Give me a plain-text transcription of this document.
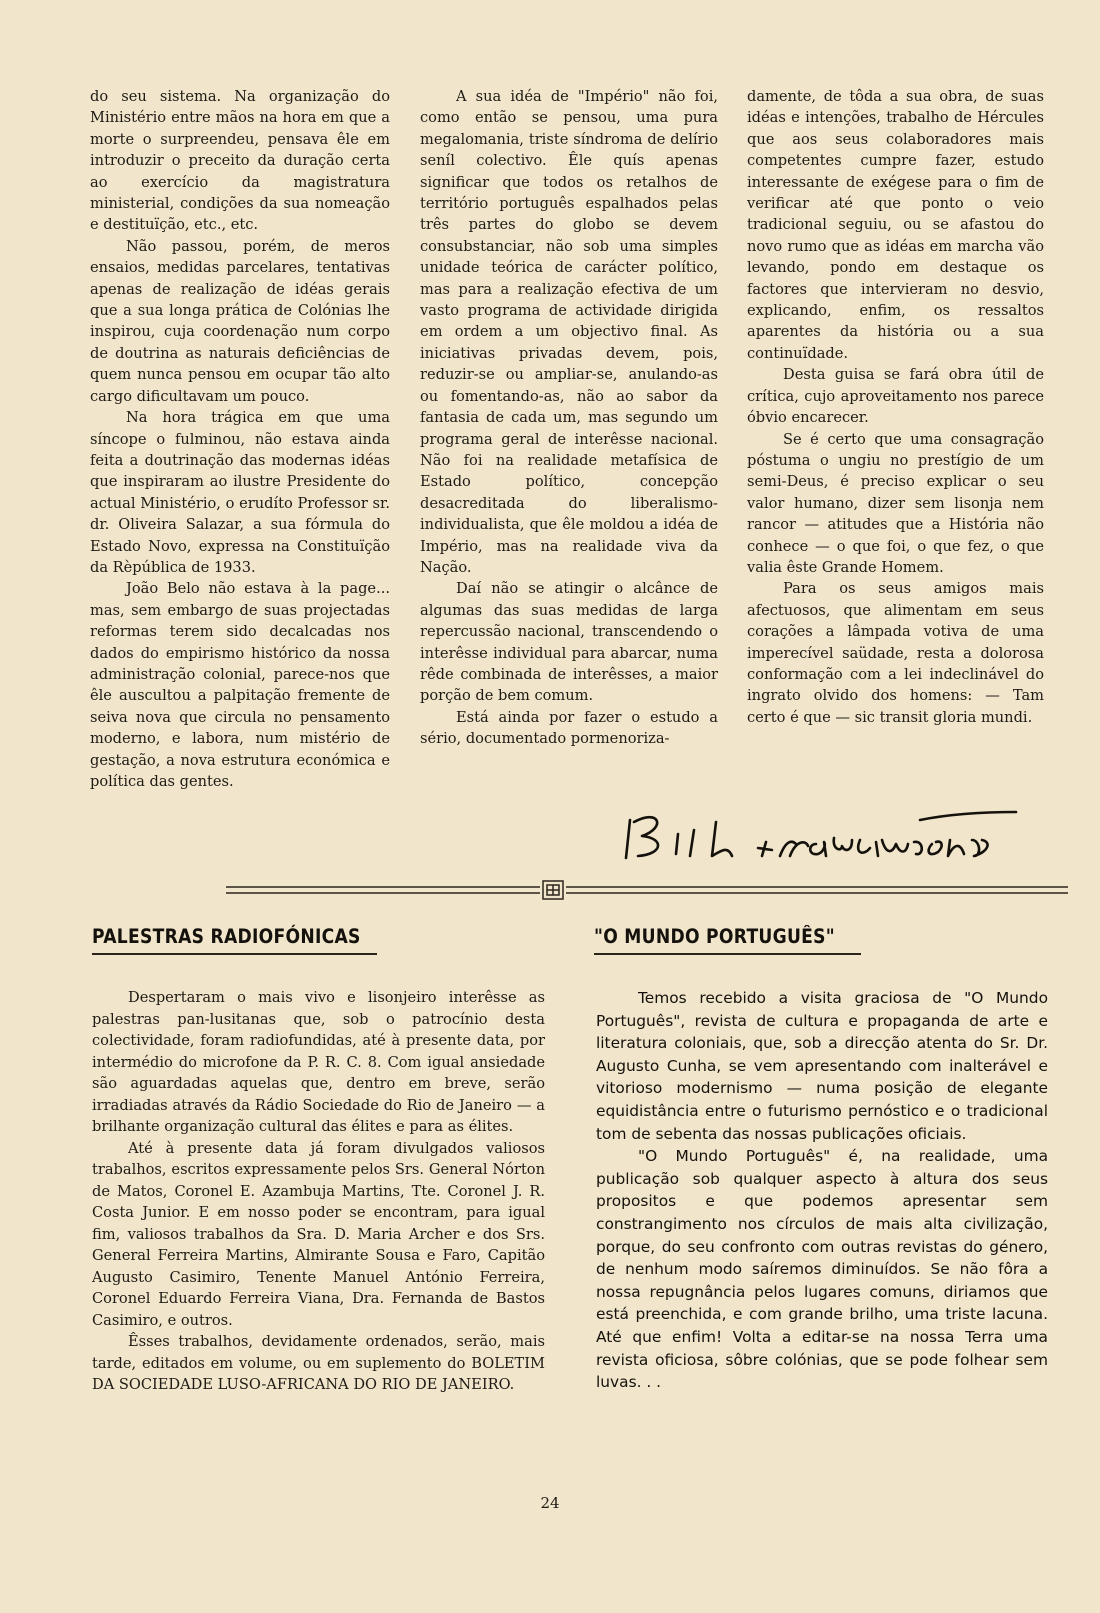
do seu sistema. Na organização do Ministério entre mãos na hora em que a morte o surpreendeu, pensava êle em introduzir o preceito da duração certa ao exercício da magistratura ministerial, condições da sua nomeação e destituïção, etc., etc.

Não passou, porém, de meros ensaios, medidas parcelares, tentativas apenas de realização de idéas gerais que a sua longa prática de Colónias lhe inspirou, cuja coordenação num corpo de doutrina as naturais deficiências de quem nunca pensou em ocupar tão alto cargo dificultavam um pouco.

Na hora trágica em que uma síncope o fulminou, não estava ainda feita a doutrinação das modernas idéas que inspiraram ao ilustre Presidente do actual Ministério, o erudíto Professor sr. dr. Oliveira Salazar, a sua fórmula do Estado Novo, expressa na Constituïção da Rèpública de 1933.

João Belo não estava à la page... mas, sem embargo de suas projectadas reformas terem sido decalcadas nos dados do empirismo histórico da nossa administração colonial, parece-nos que êle auscultou a palpitação fremente de seiva nova que circula no pensamento moderno, e labora, num mistério de gestação, a nova estrutura económica e política das gentes.

A sua idéa de "Império" não foi, como então se pensou, uma pura megalomania, triste síndroma de delírio seníl colectivo. Êle quís apenas significar que todos os retalhos de território português espalhados pelas três partes do globo se devem consubstanciar, não sob uma simples unidade teórica de carácter político, mas para a realização efectiva de um vasto programa de actividade dirigida em ordem a um objectivo final. As iniciativas privadas devem, pois, reduzir-se ou ampliar-se, anulando-as ou fomentando-as, não ao sabor da fantasia de cada um, mas segundo um programa geral de interêsse nacional. Não foi na realidade metafísica de Estado político, concepção desacreditada do liberalismo-individualista, que êle moldou a idéa de Império, mas na realidade viva da Nação.

Daí não se atingir o alcânce de algumas das suas medidas de larga repercussão nacional, transcendendo o interêsse individual para abarcar, numa rêde combinada de interêsses, a maior porção de bem comum.

Está ainda por fazer o estudo a sério, documentado pormenoriza-

damente, de tôda a sua obra, de suas idéas e intenções, trabalho de Hércules que aos seus colaboradores mais competentes cumpre fazer, estudo interessante de exégese para o fim de verificar até que ponto o veio tradicional seguiu, ou se afastou do novo rumo que as idéas em marcha vão levando, pondo em destaque os factores que intervieram no desvio, explicando, enfim, os ressaltos aparentes da história ou a sua continuïdade.

Desta guisa se fará obra útil de crítica, cujo aproveitamento nos parece óbvio encarecer.

Se é certo que uma consagração póstuma o ungiu no prestígio de um semi-Deus, é preciso explicar o seu valor humano, dizer sem lisonja nem rancor — atitudes que a História não conhece — o que foi, o que fez, o que valia êste Grande Homem.

Para os seus amigos mais afectuosos, que alimentam em seus corações a lâmpada votiva de uma imperecível saüdade, resta a dolorosa conformação com a lei indeclinável do ingrato olvido dos homens: — Tam certo é que — sic transit gloria mundi.

PALESTRAS RADIOFÓNICAS	"O MUNDO PORTUGUÊS"

Despertaram o mais vivo e lisonjeiro interêsse as palestras pan-lusitanas que, sob o patrocínio desta colectividade, foram radiofundidas, até à presente data, por intermédio do microfone da P. R. C. 8. Com igual ansiedade são aguardadas aquelas que, dentro em breve, serão irradiadas através da Rádio Sociedade do Rio de Janeiro — a brilhante organização cultural das élites e para as élites.

Até à presente data já foram divulgados valiosos trabalhos, escritos expressamente pelos Srs. General Nórton de Matos, Coronel E. Azambuja Martins, Tte. Coronel J. R. Costa Junior. E em nosso poder se encontram, para igual fim, valiosos trabalhos da Sra. D. Maria Archer e dos Srs. General Ferreira Martins, Almirante Sousa e Faro, Capitão Augusto Casimiro, Tenente Manuel António Ferreira, Coronel Eduardo Ferreira Viana, Dra. Fernanda de Bastos Casimiro, e outros.

Êsses trabalhos, devidamente ordenados, serão, mais tarde, editados em volume, ou em suplemento do BOLETIM DA SOCIEDADE LUSO-AFRICANA DO RIO DE JANEIRO.

Temos recebido a visita graciosa de "O Mundo Português", revista de cultura e propaganda de arte e literatura coloniais, que, sob a direcção atenta do Sr. Dr. Augusto Cunha, se vem apresentando com inalterável e vitorioso modernismo — numa posição de elegante equidistância entre o futurismo pernóstico e o tradicional tom de sebenta das nossas publicações oficiais.

"O Mundo Português" é, na realidade, uma publicação sob qualquer aspecto à altura dos seus propositos e que podemos apresentar sem constrangimento nos círculos de mais alta civilização, porque, do seu confronto com outras revistas do género, de nenhum modo saíremos diminuídos. Se não fôra a nossa repugnância pelos lugares comuns, diriamos que está preenchida, e com grande brilho, uma triste lacuna. Até que enfim! Volta a editar-se na nossa Terra uma revista oficiosa, sôbre colónias, que se pode folhear sem luvas. . .

24
